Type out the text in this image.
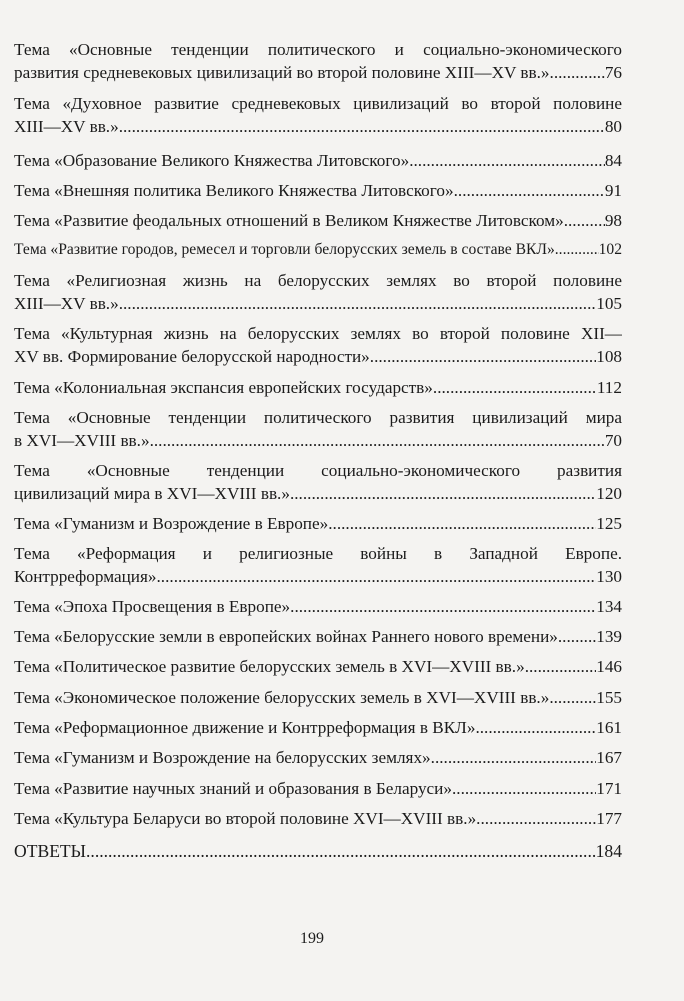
Тема «Основные тенденции политического и социально-экономического
развития средневековых цивилизаций во второй половине XIII—XV вв.» .....	76
Тема «Духовное развитие средневековых цивилизаций во второй половине
XIII—XV вв.» .....	80
Тема «Образование Великого Княжества Литовского» .....	84
Тема «Внешняя политика Великого Княжества Литовского» .....	91
Тема «Развитие феодальных отношений в Великом Княжестве Литовском» ..... 98
Тема «Развитие городов, ремесел и торговли белорусских земель в составе ВКЛ» .....	102
Тема «Религиозная жизнь на белорусских землях во второй половине
XIII—XV вв.» .....	105
Тема «Культурная жизнь на белорусских землях во второй половине XII—
XV вв. Формирование белорусской народности» .....	108
Тема «Колониальная экспансия европейских государств» .....	112
Тема «Основные тенденции политического развития цивилизаций мира
в XVI—XVIII вв.» .....	70
Тема «Основные тенденции социально-экономического развития
цивилизаций мира в XVI—XVIII вв.» .....	120
Тема «Гуманизм и Возрождение в Европе» .....	125
Тема «Реформация и религиозные войны в Западной Европе.
Контрреформация» .....	130
Тема «Эпоха Просвещения в Европе» .....	134
Тема «Белорусские земли в европейских войнах Раннего нового времени» ..... 139
Тема «Политическое развитие белорусских земель в XVI—XVIII вв.» .....	146
Тема «Экономическое положение белорусских земель в XVI—XVIII вв.» .....	155
Тема «Реформационное движение и Контрреформация в ВКЛ» .....	161
Тема «Гуманизм и Возрождение на белорусских землях» .....	167
Тема «Развитие научных знаний и образования в Беларуси» .....	171
Тема «Культура Беларуси во второй половине XVI—XVIII вв.» .....	177
ОТВЕТЫ .....	184
199
